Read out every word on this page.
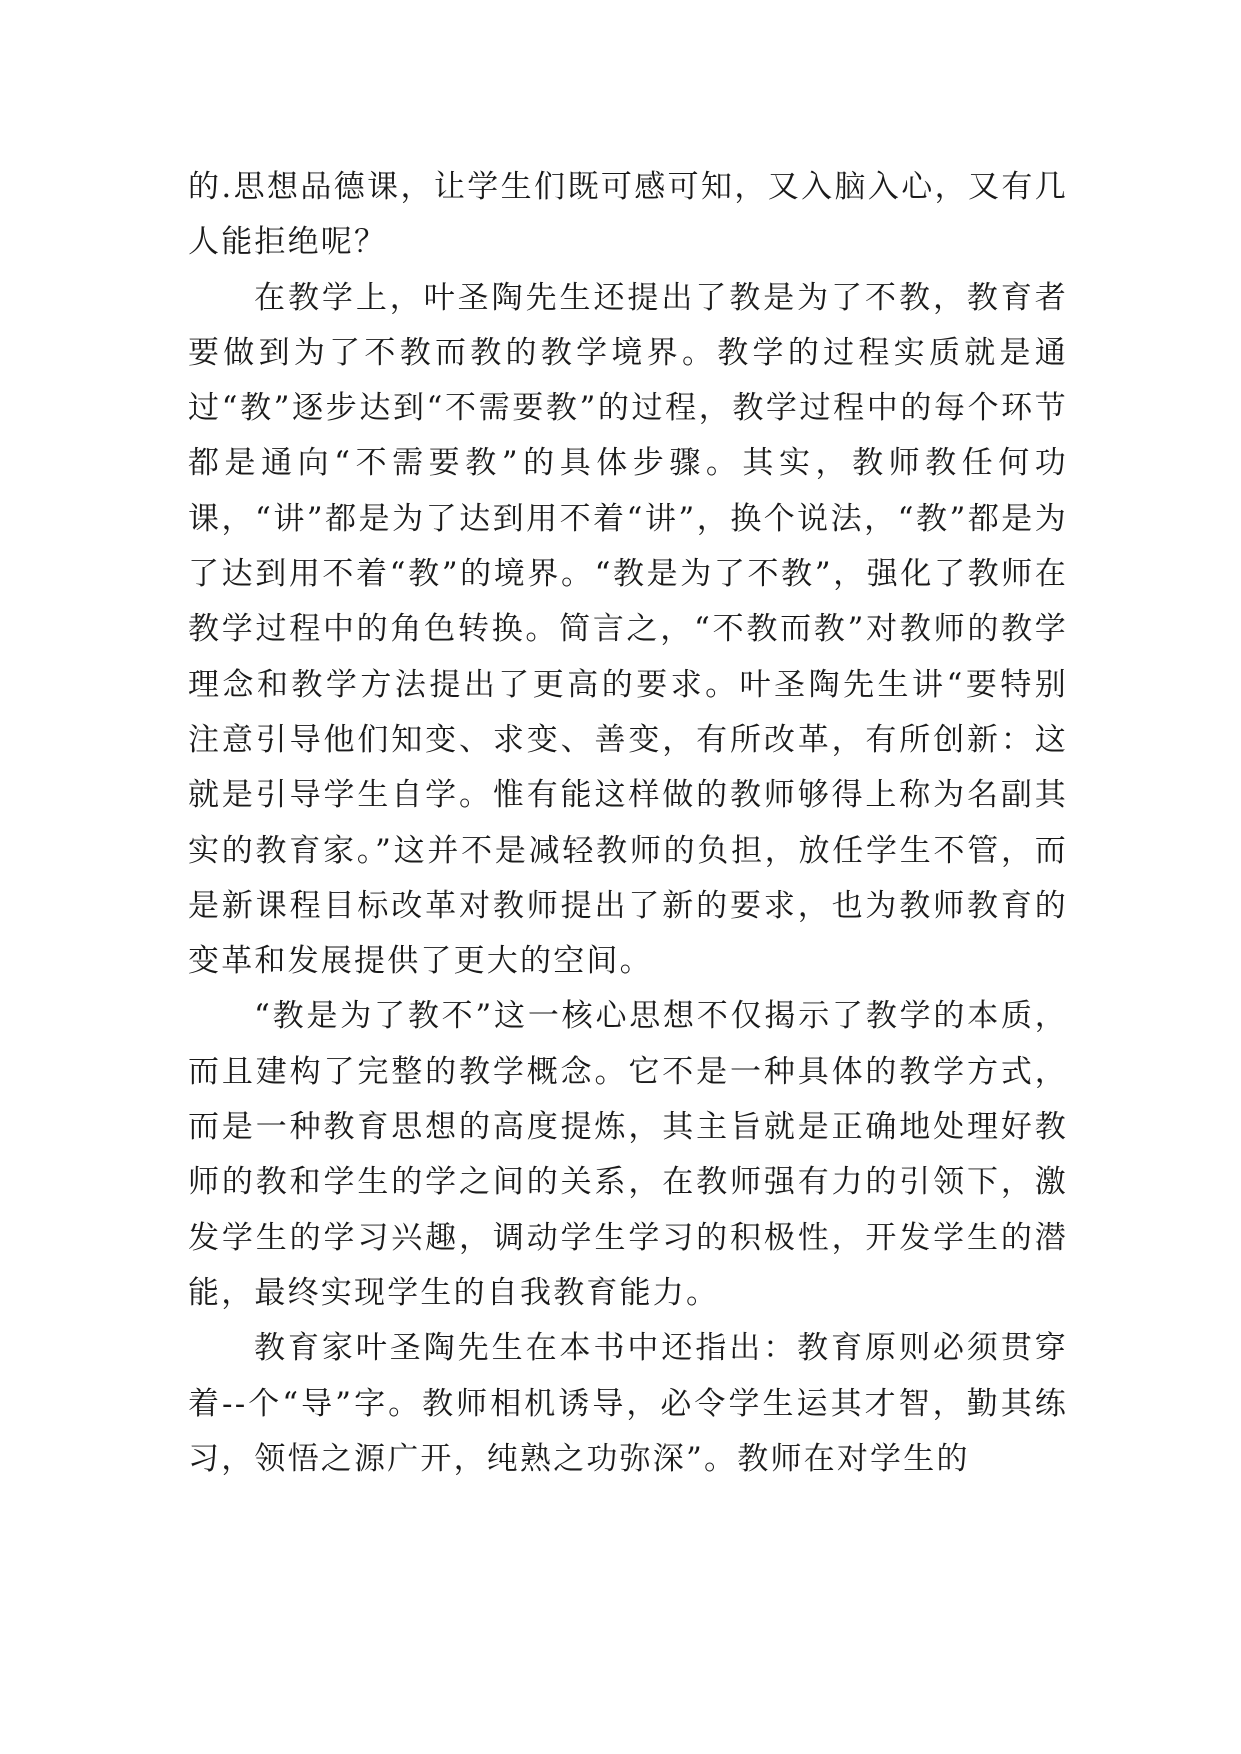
的.思想品德课，让学生们既可感可知，又入脑入心，又有几人能拒绝呢？

在教学上，叶圣陶先生还提出了教是为了不教，教育者要做到为了不教而教的教学境界。教学的过程实质就是通过“教”逐步达到“不需要教”的过程，教学过程中的每个环节都是通向“不需要教”的具体步骤。其实，教师教任何功课，“讲”都是为了达到用不着“讲”，换个说法，“教”都是为了达到用不着“教”的境界。“教是为了不教”，强化了教师在教学过程中的角色转换。简言之，“不教而教”对教师的教学理念和教学方法提出了更高的要求。叶圣陶先生讲“要特别注意引导他们知变、求变、善变，有所改革，有所创新：这就是引导学生自学。惟有能这样做的教师够得上称为名副其实的教育家。”这并不是减轻教师的负担，放任学生不管，而是新课程目标改革对教师提出了新的要求，也为教师教育的变革和发展提供了更大的空间。

“教是为了教不”这一核心思想不仅揭示了教学的本质，而且建构了完整的教学概念。它不是一种具体的教学方式，而是一种教育思想的高度提炼，其主旨就是正确地处理好教师的教和学生的学之间的关系，在教师强有力的引领下，激发学生的学习兴趣，调动学生学习的积极性，开发学生的潜能，最终实现学生的自我教育能力。

教育家叶圣陶先生在本书中还指出：教育原则必须贯穿着--个“导”字。教师相机诱导，必令学生运其才智，勤其练习，领悟之源广开，纯熟之功弥深”。教师在对学生的
